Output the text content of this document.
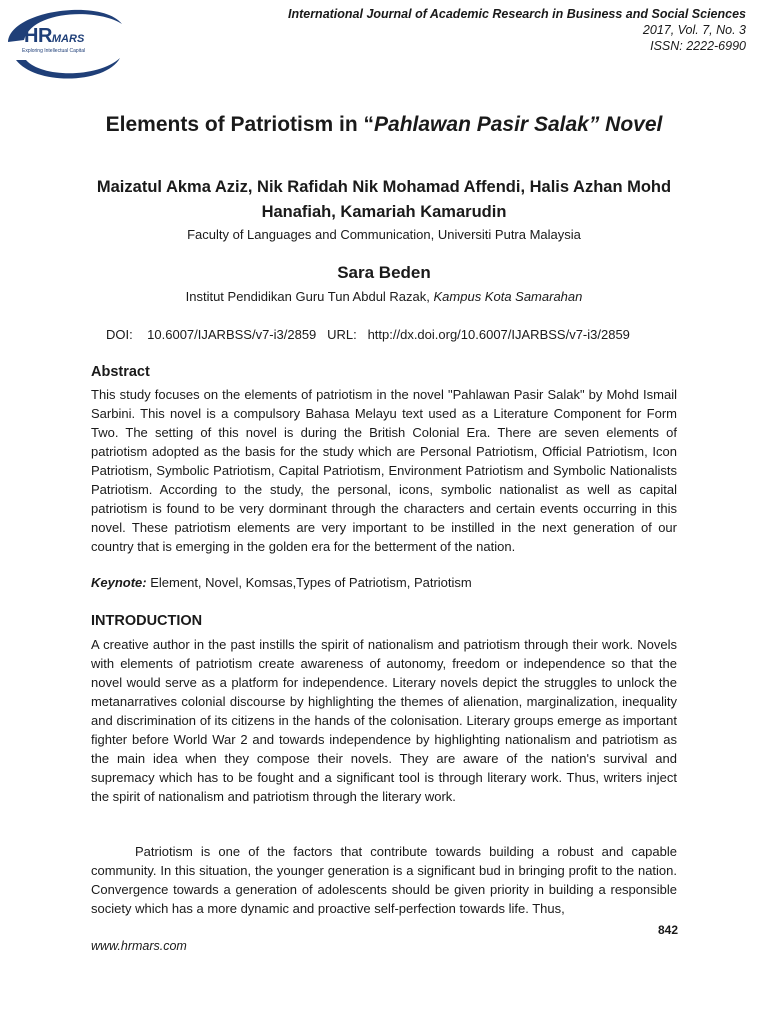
HRMARS
Exploring Intellectual Capital
International Journal of Academic Research in Business and Social Sciences
2017, Vol. 7, No. 3
ISSN: 2222-6990
Elements of Patriotism in “Pahlawan Pasir Salak” Novel

Maizatul Akma Aziz, Nik Rafidah Nik Mohamad Affendi, Halis Azhan Mohd Hanafiah, Kamariah Kamarudin

Faculty of Languages and Communication, Universiti Putra Malaysia

Sara Beden

Institut Pendidikan Guru Tun Abdul Razak, Kampus Kota Samarahan

DOI:    10.6007/IJARBSS/v7-i3/2859   URL:   http://dx.doi.org/10.6007/IJARBSS/v7-i3/2859

Abstract

This study focuses on the elements of patriotism in the novel "Pahlawan Pasir Salak" by Mohd Ismail Sarbini. This novel is a compulsory Bahasa Melayu text used as a Literature Component for Form Two. The setting of this novel is during the British Colonial Era. There are seven elements of patriotism adopted as the basis for the study which are Personal Patriotism, Official Patriotism, Icon Patriotism, Symbolic Patriotism, Capital Patriotism, Environment Patriotism and Symbolic Nationalists Patriotism. According to the study, the personal, icons, symbolic nationalist as well as capital patriotism is found to be very dorminant through the characters and certain events occurring in this novel. These patriotism elements are very important to be instilled in the next generation of our country that is emerging in the golden era for the betterment of the nation.

Keynote: Element, Novel, Komsas,Types of Patriotism, Patriotism

INTRODUCTION

A creative author in the past instills the spirit of nationalism and patriotism through their work. Novels with elements of patriotism create awareness of autonomy, freedom or independence so that the novel would serve as a platform for independence. Literary novels depict the struggles to unlock the metanarratives colonial discourse by highlighting the themes of alienation, marginalization, inequality and discrimination of its citizens in the hands of the colonisation. Literary groups emerge as important fighter before World War 2 and towards independence by highlighting nationalism and patriotism as the main idea when they compose their novels. They are aware of the nation's survival and supremacy which has to be fought and a significant tool is through literary work. Thus, writers inject the spirit of nationalism and patriotism through the literary work.

Patriotism is one of the factors that contribute towards building a robust and capable community. In this situation, the younger generation is a significant bud in bringing profit to the nation. Convergence towards a generation of adolescents should be given priority in building a responsible society which has a more dynamic and proactive self-perfection towards life. Thus,

842
www.hrmars.com
